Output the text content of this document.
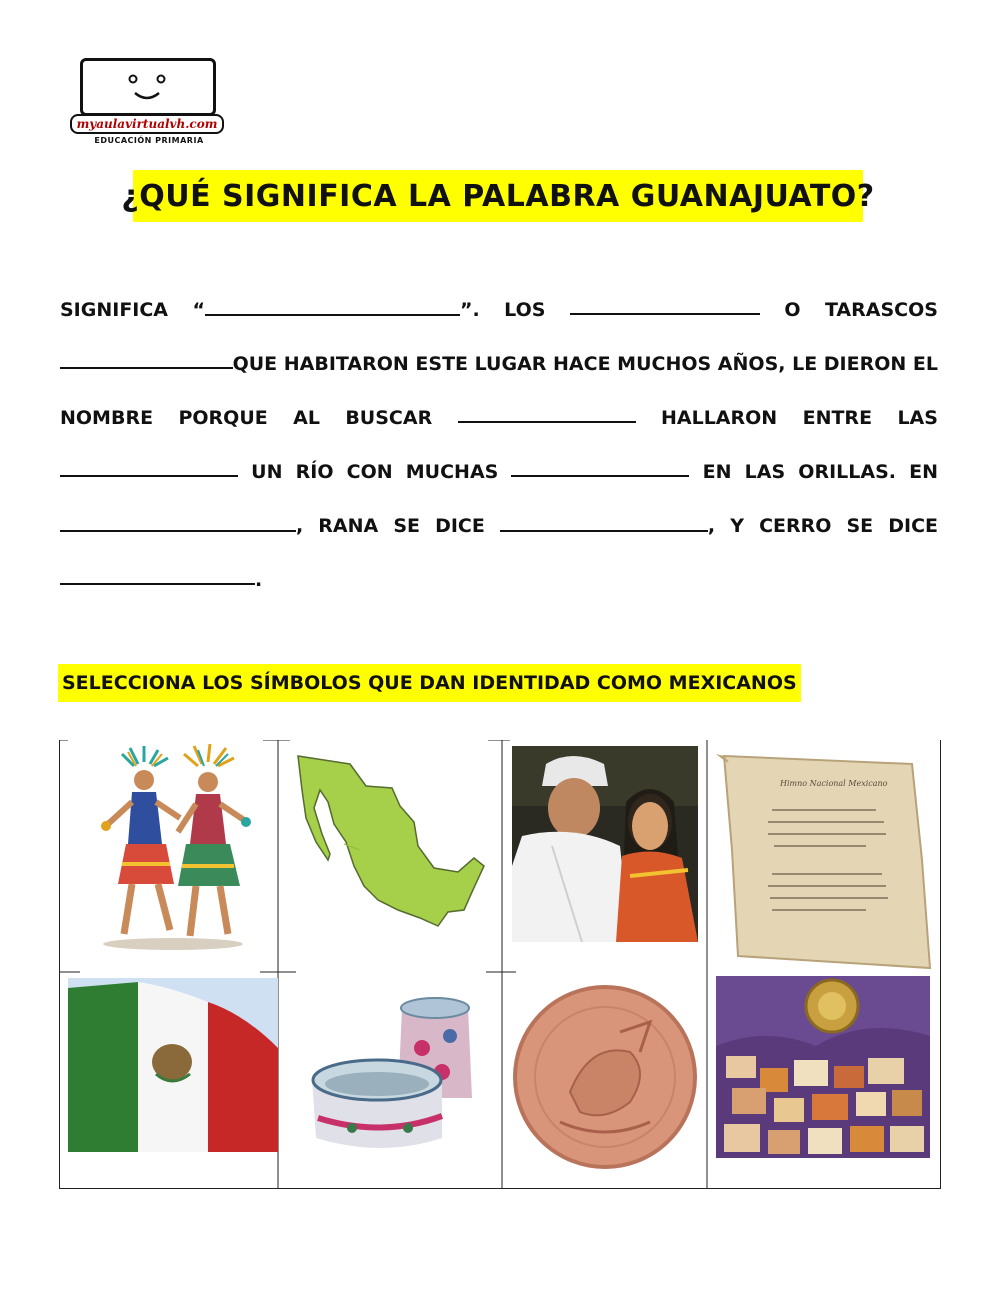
myaulavirtualvh.com
EDUCACIÓN PRIMARIA
¿QUÉ SIGNIFICA LA PALABRA GUANAJUATO?
SIGNIFICA “	”. LOS	O TARASCOS
QUE HABITARON ESTE LUGAR HACE MUCHOS AÑOS, LE DIERON EL
NOMBRE PORQUE AL BUSCAR	HALLARON ENTRE LAS
UN RÍO CON MUCHAS	EN LAS ORILLAS. EN
, RANA SE DICE	, Y CERRO SE DICE
.
SELECCIONA LOS SÍMBOLOS QUE DAN IDENTIDAD COMO MEXICANOS
Himno Nacional Mexicano
